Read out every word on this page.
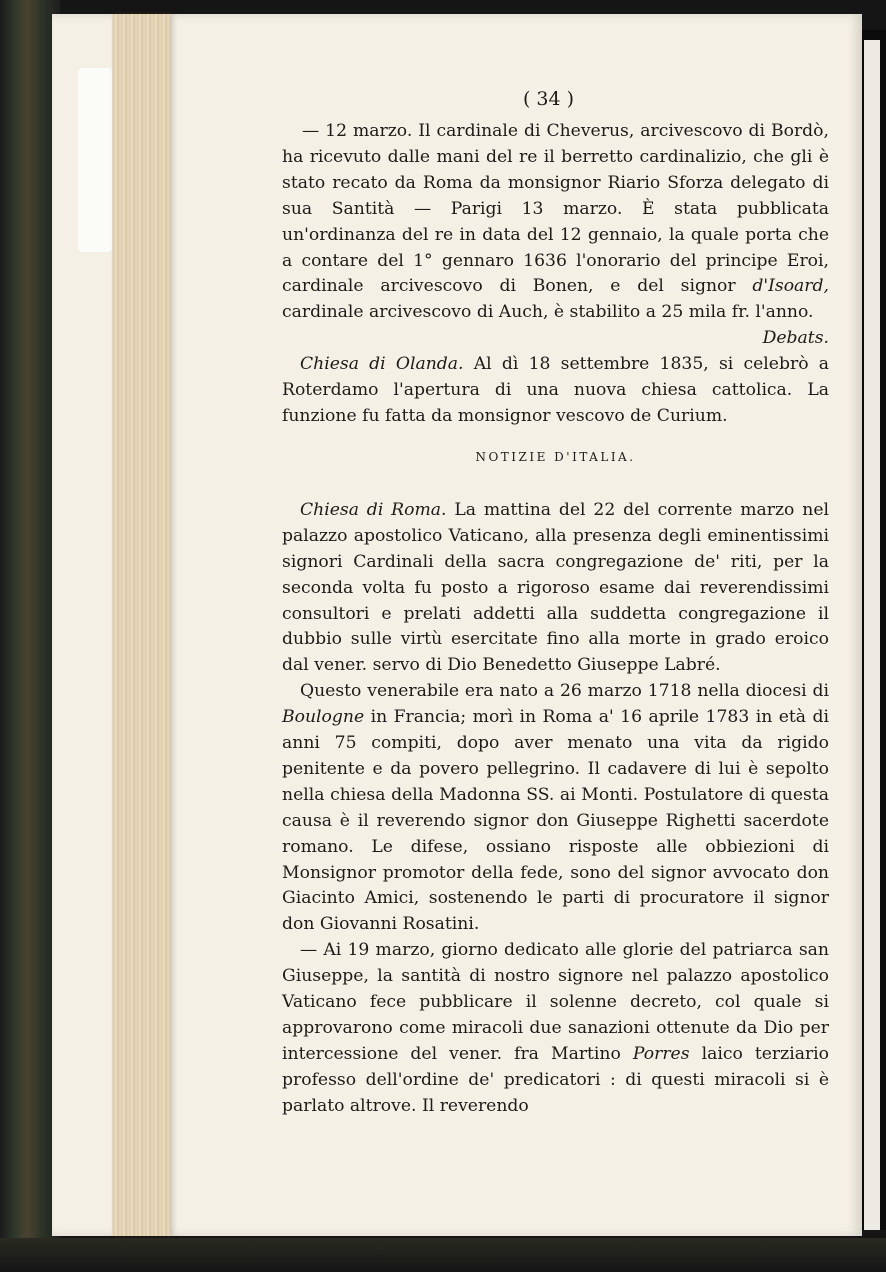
( 34 )

— 12 marzo. Il cardinale di Cheverus, arcivescovo di Bordò, ha ricevuto dalle mani del re il berretto cardinalizio, che gli è stato recato da Roma da monsignor Riario Sforza delegato di sua Santità — Parigi 13 marzo. È stata pubblicata un'ordinanza del re in data del 12 gennaio, la quale porta che a contare del 1° gennaro 1636 l'onorario del principe Eroi, cardinale arcivescovo di Bonen, e del signor d'Isoard, cardinale arcivescovo di Auch, è stabilito a 25 mila fr. l'anno.
Debats.

Chiesa di Olanda. Al dì 18 settembre 1835, si celebrò a Roterdamo l'apertura di una nuova chiesa cattolica. La funzione fu fatta da monsignor vescovo de Curium.

NOTIZIE D'ITALIA.

Chiesa di Roma. La mattina del 22 del corrente marzo nel palazzo apostolico Vaticano, alla presenza degli eminentissimi signori Cardinali della sacra congregazione de' riti, per la seconda volta fu posto a rigoroso esame dai reverendissimi consultori e prelati addetti alla suddetta congregazione il dubbio sulle virtù esercitate fino alla morte in grado eroico dal vener. servo di Dio Benedetto Giuseppe Labré.

Questo venerabile era nato a 26 marzo 1718 nella diocesi di Boulogne in Francia; morì in Roma a' 16 aprile 1783 in età di anni 75 compiti, dopo aver menato una vita da rigido penitente e da povero pellegrino. Il cadavere di lui è sepolto nella chiesa della Madonna SS. ai Monti. Postulatore di questa causa è il reverendo signor don Giuseppe Righetti sacerdote romano. Le difese, ossiano risposte alle obbiezioni di Monsignor promotor della fede, sono del signor avvocato don Giacinto Amici, sostenendo le parti di procuratore il signor don Giovanni Rosatini.

— Ai 19 marzo, giorno dedicato alle glorie del patriarca san Giuseppe, la santità di nostro signore nel palazzo apostolico Vaticano fece pubblicare il solenne decreto, col quale si approvarono come miracoli due sanazioni ottenute da Dio per intercessione del vener. fra Martino Porres laico terziario professo dell'ordine de' predicatori : di questi miracoli si è parlato altrove. Il reverendo
